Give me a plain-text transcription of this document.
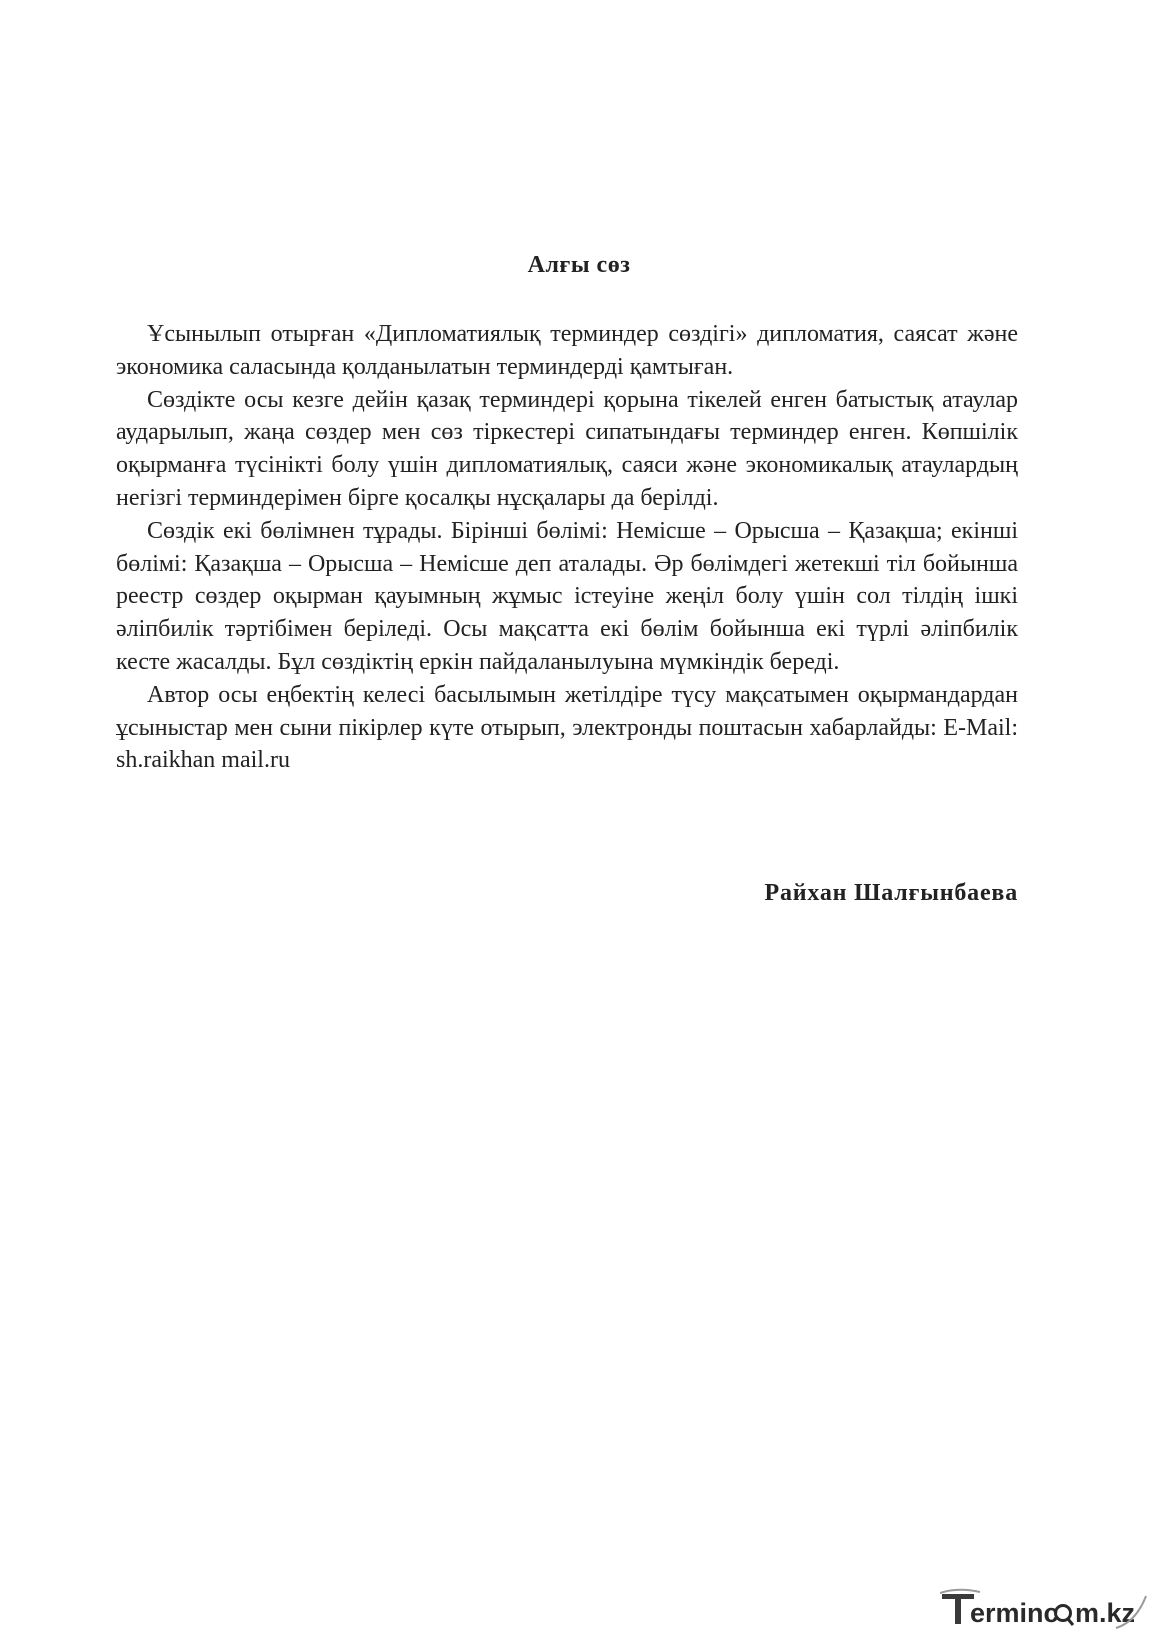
Алғы сөз

Ұсынылып отырған «Дипломатиялық терминдер сөздігі» дипломатия, саясат және экономика саласында қолданылатын терминдерді қамтыған.

Сөздікте осы кезге дейін қазақ терминдері қорына тікелей енген батыстық атаулар аударылып, жаңа сөздер мен сөз тіркестері сипатындағы терминдер енген. Көпшілік оқырманға түсінікті болу үшін дипломатиялық, саяси және экономикалық атаулардың негізгі терминдерімен бірге қосалқы нұсқалары да берілді.

Сөздік екі бөлімнен тұрады. Бірінші бөлімі: Немісше – Орысша – Қазақша; екінші бөлімі: Қазақша – Орысша – Немісше деп аталады. Әр бөлімдегі жетекші тіл бойынша реестр сөздер оқырман қауымның жұмыс істеуіне жеңіл болу үшін сол тілдің ішкі әліпбилік тәртібімен беріледі. Осы мақсатта екі бөлім бойынша екі түрлі әліпбилік кесте жасалды. Бұл сөздіктің еркін пайдаланылуына мүмкіндік береді.

Автор осы еңбектің келесі басылымын жетілдіре түсу мақсатымен оқырмандардан ұсыныстар мен сыни пікірлер күте отырып, электронды поштасын хабарлайды: E-Mail: sh.raikhan mail.ru

Райхан Шалғынбаева
erminc m.kz
